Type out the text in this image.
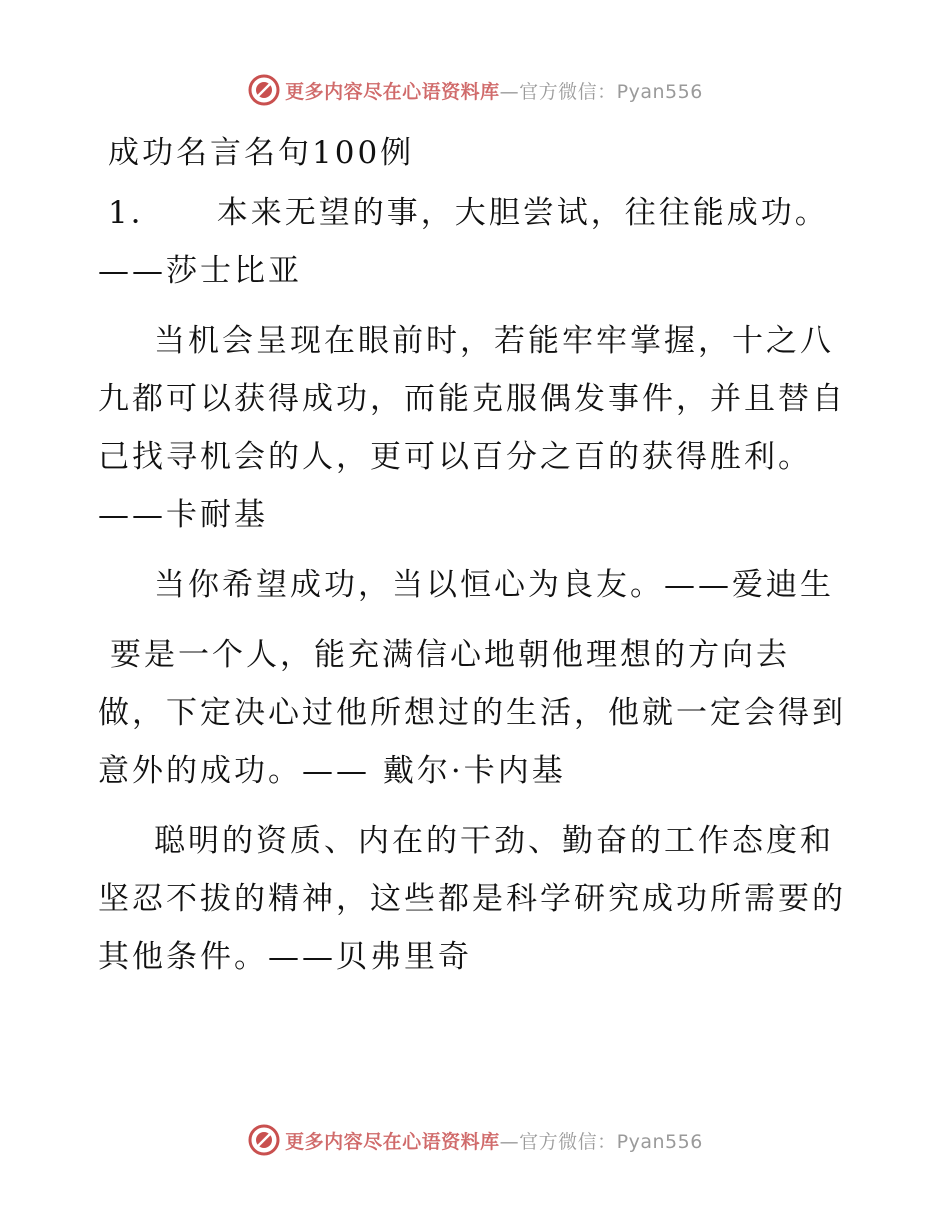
更多内容尽在心语资料库 —官方微信：Pyan556
成功名言名句100例

1． 本来无望的事，大胆尝试，往往能成功。
——莎士比亚

当机会呈现在眼前时，若能牢牢掌握，十之八九都可以获得成功，而能克服偶发事件，并且替自己找寻机会的人，更可以百分之百的获得胜利。
——卡耐基

当你希望成功，当以恒心为良友。——爱迪生

要是一个人，能充满信心地朝他理想的方向去
做，下定决心过他所想过的生活，他就一定会得到意外的成功。—— 戴尔·卡内基

聪明的资质、内在的干劲、勤奋的工作态度和坚忍不拔的精神，这些都是科学研究成功所需要的其他条件。——贝弗里奇

更多内容尽在心语资料库 —官方微信：Pyan556
